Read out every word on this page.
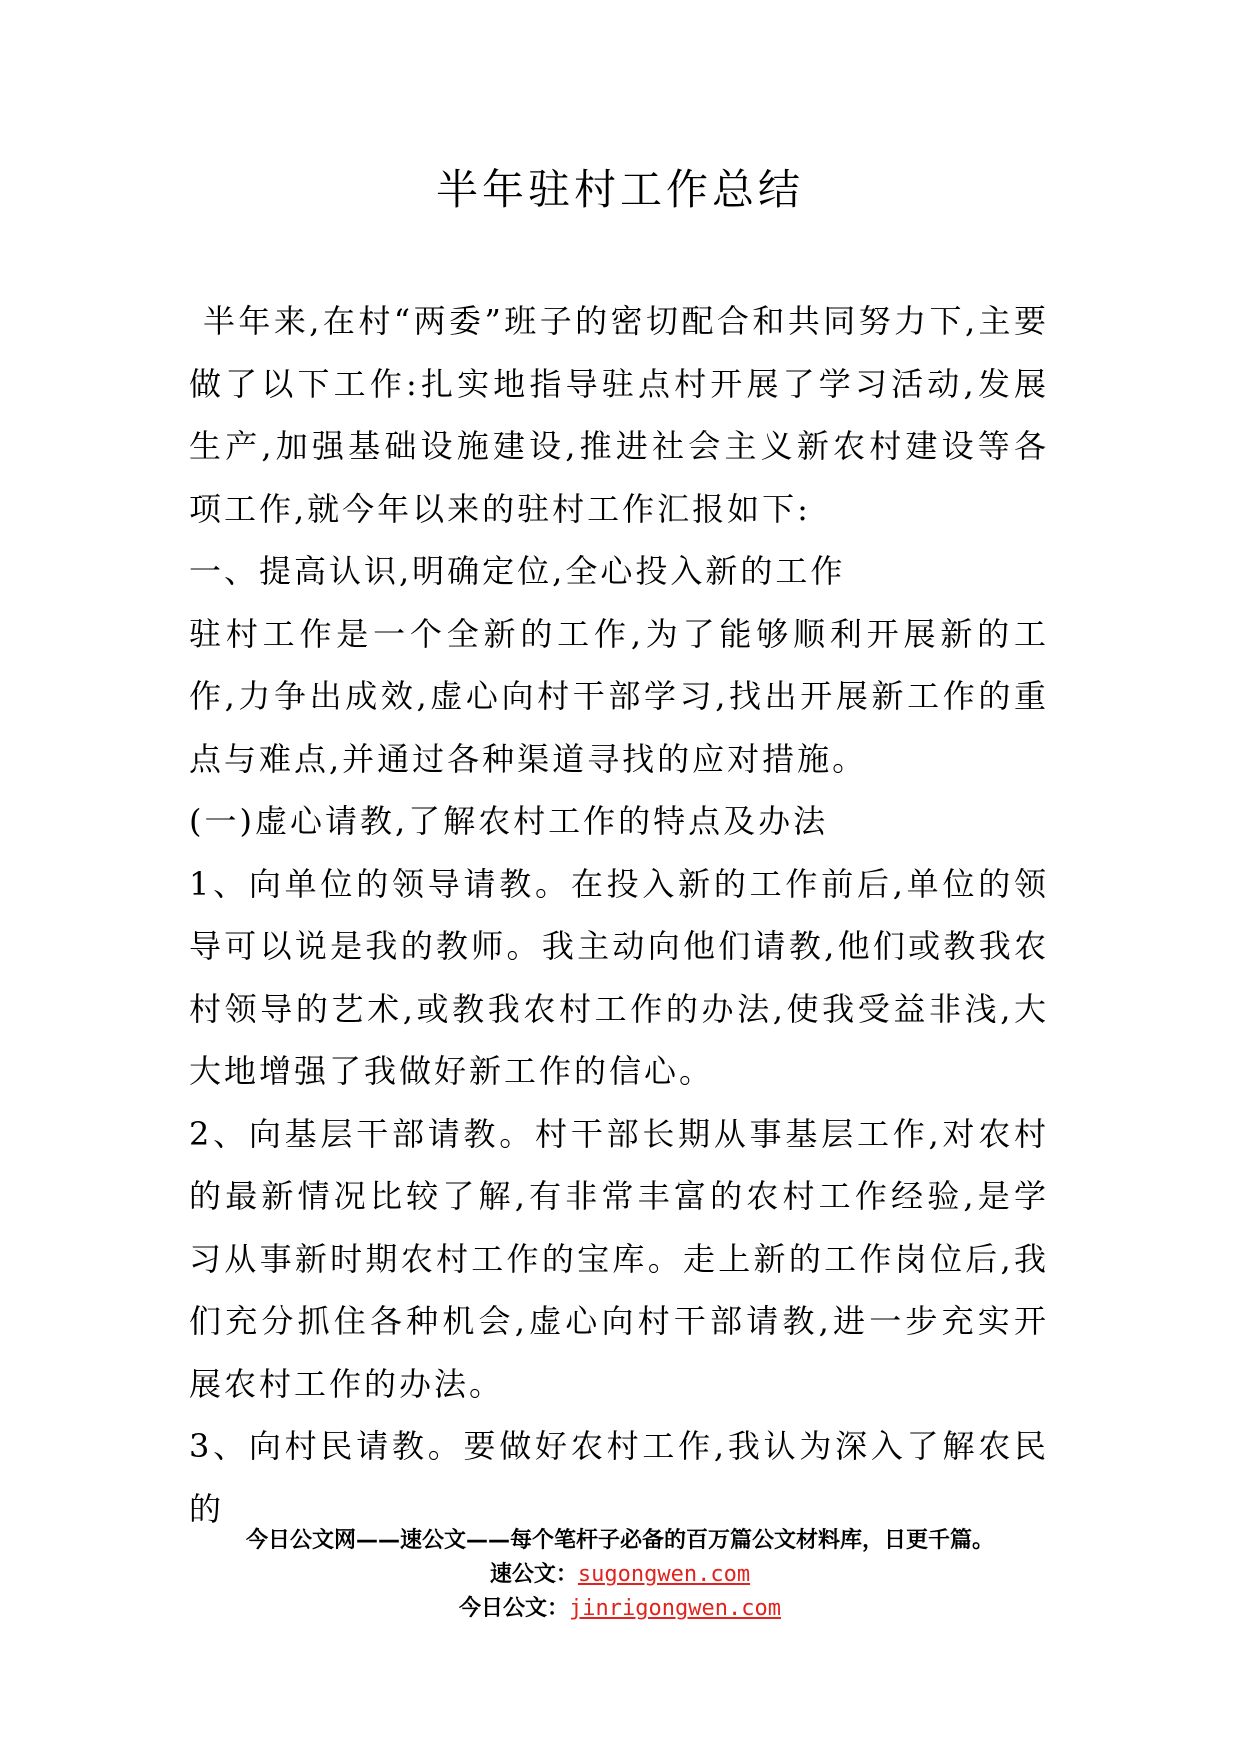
半年驻村工作总结

半年来,在村“两委”班子的密切配合和共同努力下,主要做了以下工作:扎实地指导驻点村开展了学习活动,发展生产,加强基础设施建设,推进社会主义新农村建设等各项工作,就今年以来的驻村工作汇报如下:

一、提高认识,明确定位,全心投入新的工作

驻村工作是一个全新的工作,为了能够顺利开展新的工作,力争出成效,虚心向村干部学习,找出开展新工作的重点与难点,并通过各种渠道寻找的应对措施。

(一)虚心请教,了解农村工作的特点及办法

1、向单位的领导请教。在投入新的工作前后,单位的领导可以说是我的教师。我主动向他们请教,他们或教我农村领导的艺术,或教我农村工作的办法,使我受益非浅,大大地增强了我做好新工作的信心。

2、向基层干部请教。村干部长期从事基层工作,对农村的最新情况比较了解,有非常丰富的农村工作经验,是学习从事新时期农村工作的宝库。走上新的工作岗位后,我们充分抓住各种机会,虚心向村干部请教,进一步充实开展农村工作的办法。

3、向村民请教。要做好农村工作,我认为深入了解农民的

今日公文网——速公文——每个笔杆子必备的百万篇公文材料库，日更千篇。
速公文：sugongwen.com
今日公文：jinrigongwen.com
